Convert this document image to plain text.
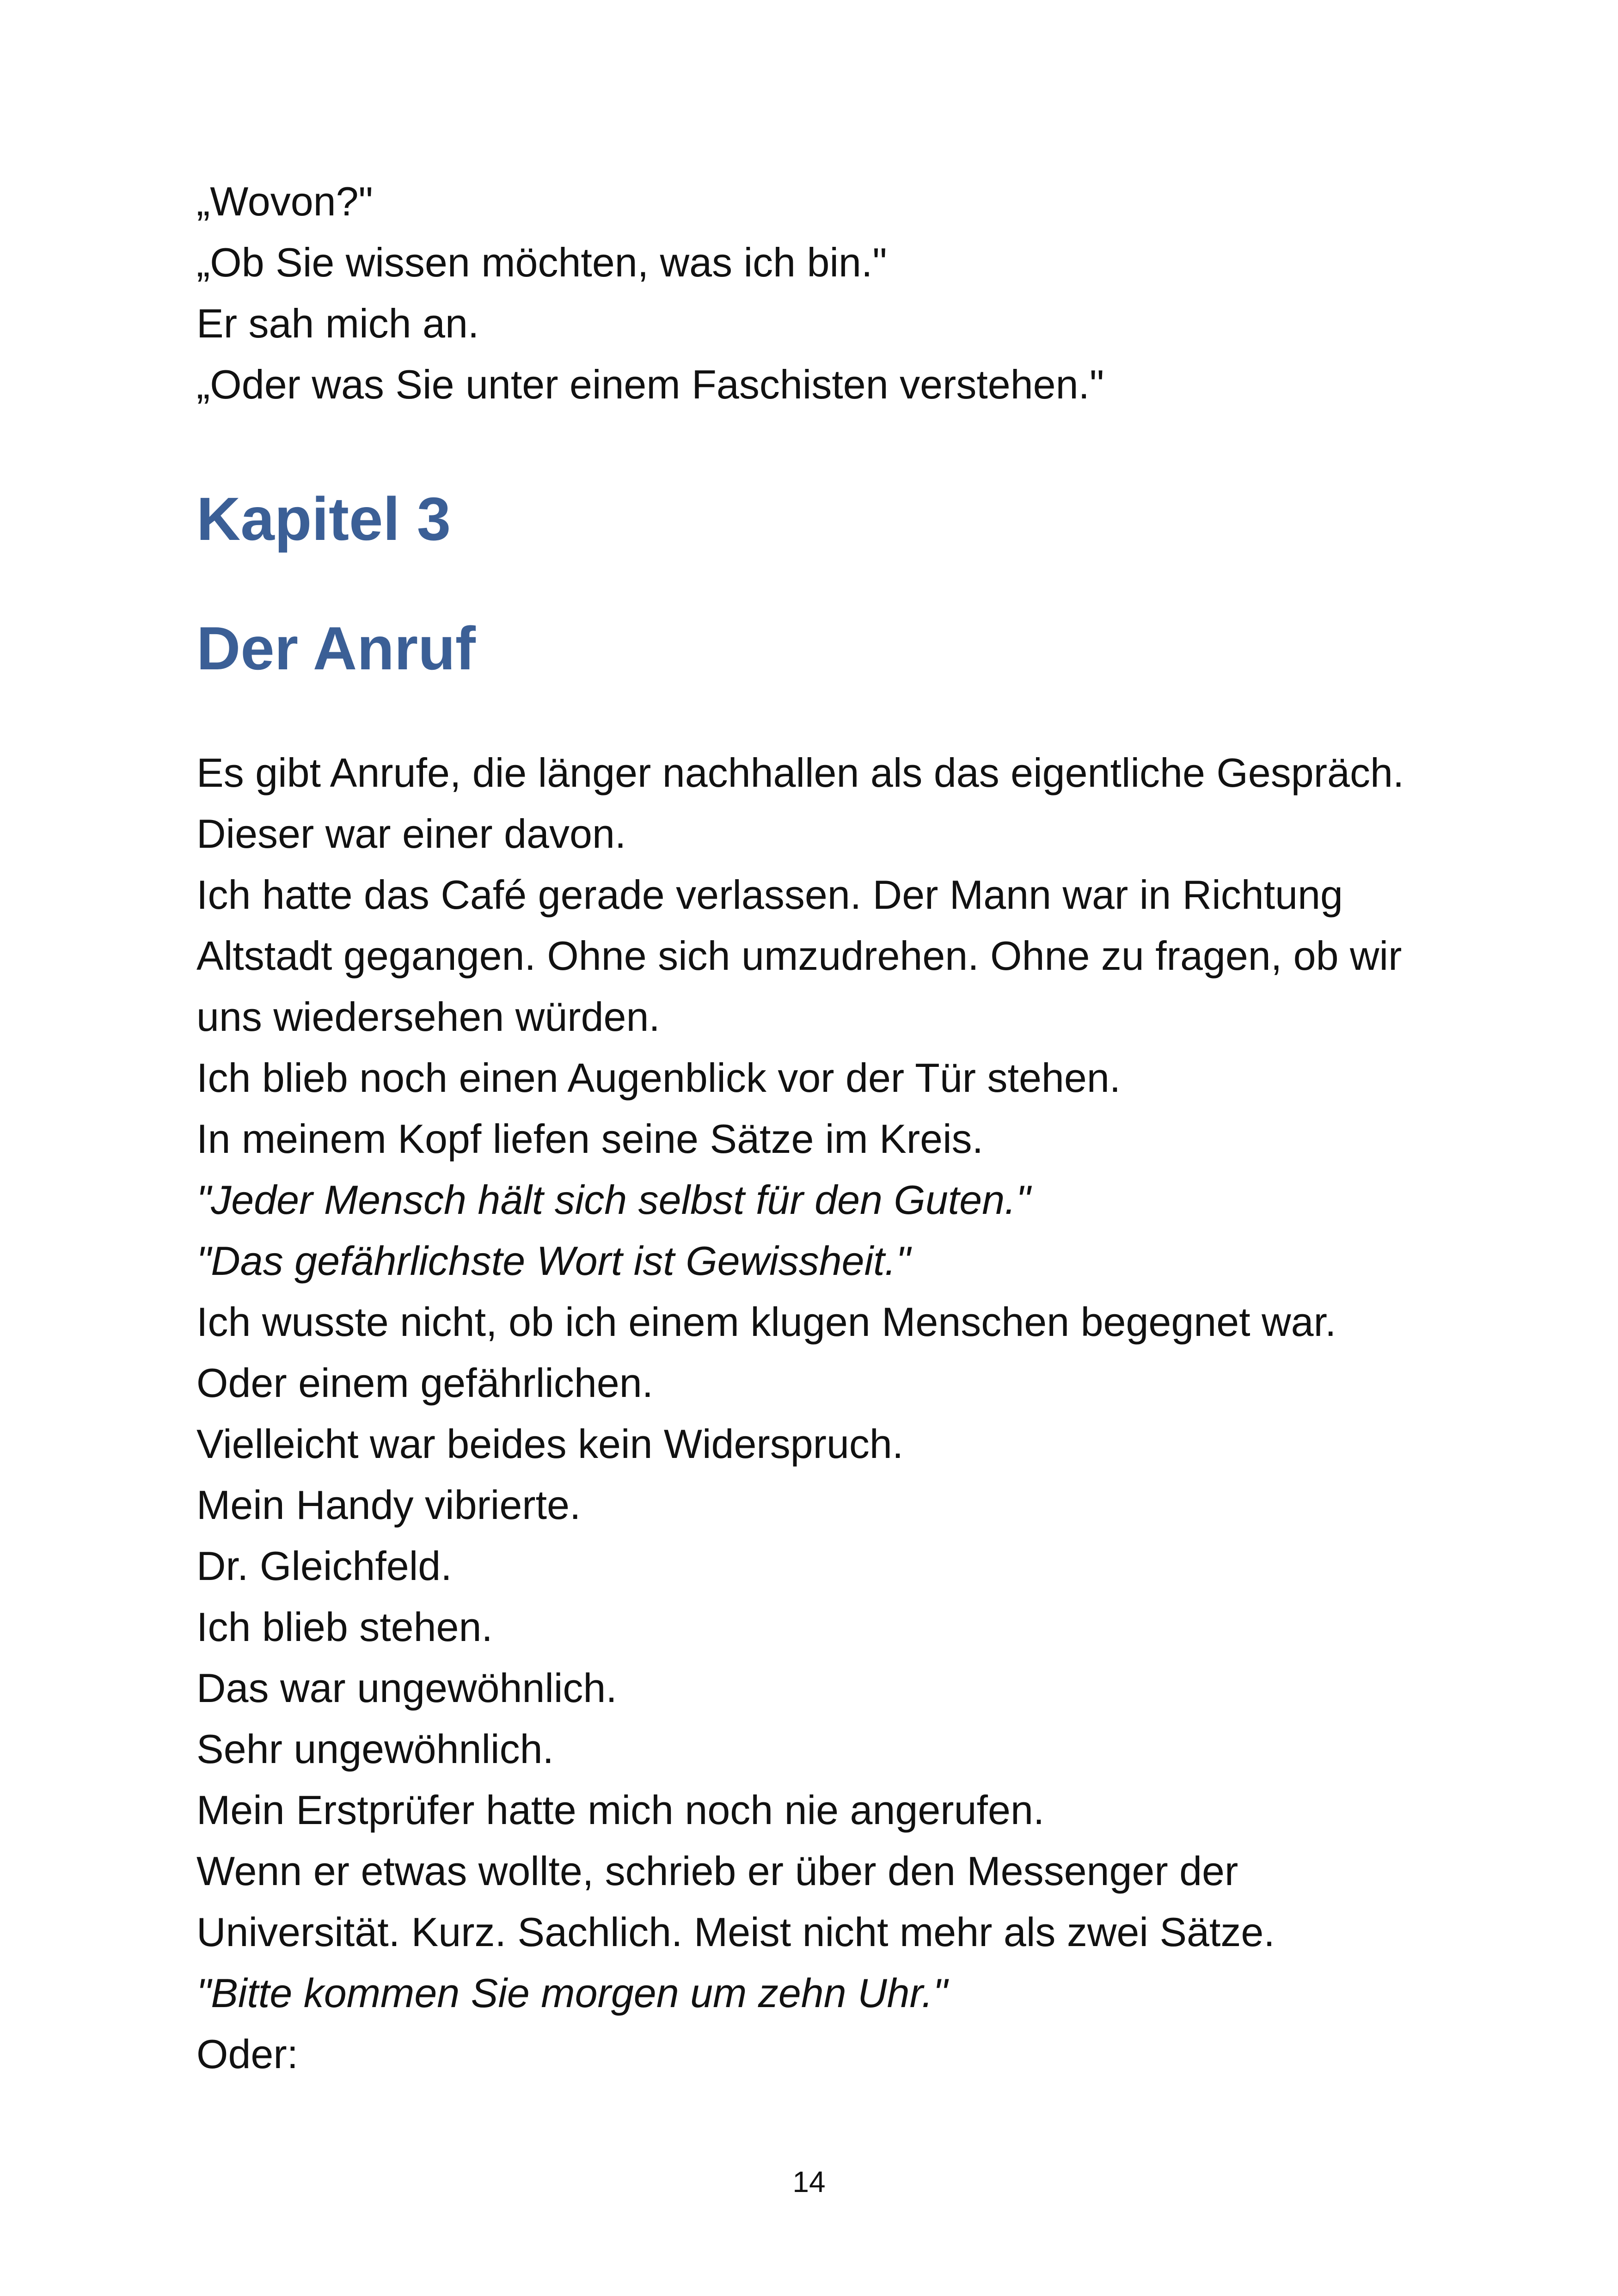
„Wovon?"
„Ob Sie wissen möchten, was ich bin."
Er sah mich an.
„Oder was Sie unter einem Faschisten verstehen."
Kapitel 3
Der Anruf
Es gibt Anrufe, die länger nachhallen als das eigentliche Gespräch.
Dieser war einer davon.
Ich hatte das Café gerade verlassen. Der Mann war in Richtung
Altstadt gegangen. Ohne sich umzudrehen. Ohne zu fragen, ob wir
uns wiedersehen würden.
Ich blieb noch einen Augenblick vor der Tür stehen.
In meinem Kopf liefen seine Sätze im Kreis.
"Jeder Mensch hält sich selbst für den Guten."
"Das gefährlichste Wort ist Gewissheit."
Ich wusste nicht, ob ich einem klugen Menschen begegnet war.
Oder einem gefährlichen.
Vielleicht war beides kein Widerspruch.
Mein Handy vibrierte.
Dr. Gleichfeld.
Ich blieb stehen.
Das war ungewöhnlich.
Sehr ungewöhnlich.
Mein Erstprüfer hatte mich noch nie angerufen.
Wenn er etwas wollte, schrieb er über den Messenger der
Universität. Kurz. Sachlich. Meist nicht mehr als zwei Sätze.
"Bitte kommen Sie morgen um zehn Uhr."
Oder:
14
